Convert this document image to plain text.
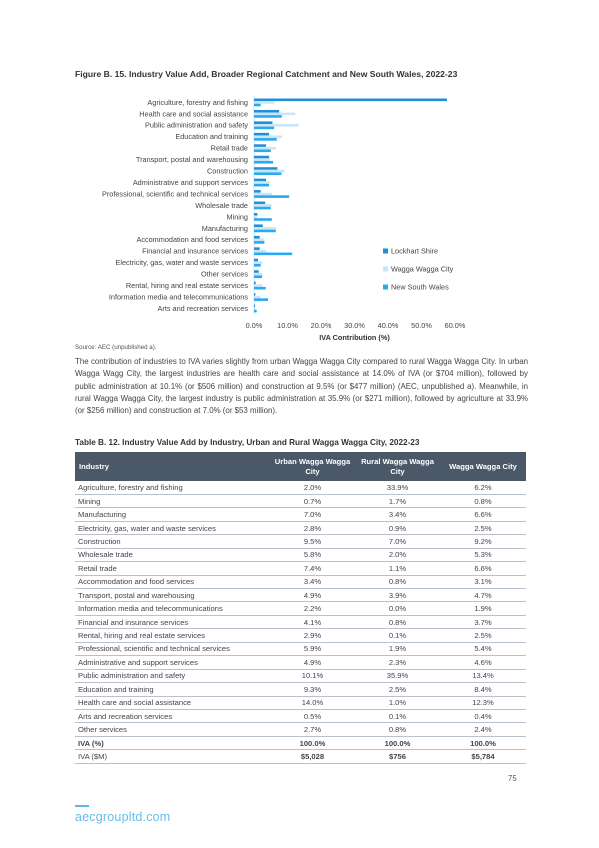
Figure B. 15. Industry Value Add, Broader Regional Catchment and New South Wales, 2022-23
Agriculture, forestry and fishing
Health care and social assistance
Public administration and safety
Education and training
Retail trade
Transport, postal and warehousing
Construction
Administrative and support services
Professional, scientific and technical services
Wholesale trade
Mining
Manufacturing
Accommodation and food services
Financial and insurance services
Electricity, gas, water and waste services
Other services
Rental, hiring and real estate services
Information media and telecommunications
Arts and recreation services
0.0% 10.0% 20.0% 30.0% 40.0% 50.0% 60.0%
IVA Contribution (%)
Lockhart Shire
Wagga Wagga City
New South Wales
Source: AEC (unpublished a).

The contribution of industries to IVA varies slightly from urban Wagga Wagga City compared to rural Wagga Wagga City. In urban Wagga Wagg City, the largest industries are health care and social assistance at 14.0% of IVA (or $704 million), followed by public administration at 10.1% (or $506 million) and construction at 9.5% (or $477 million) (AEC, unpublished a). Meanwhile, in rural Wagga Wagga City, the largest industry is public administration at 35.9% (or $271 million), followed by agriculture at 33.9% (or $256 million) and construction at 7.0% (or $53 million).

Table B. 12. Industry Value Add by Industry, Urban and Rural Wagga Wagga City, 2022-23
Industry	Urban Wagga Wagga City	Rural Wagga Wagga City	Wagga Wagga City
Agriculture, forestry and fishing	2.0%	33.9%	6.2%
Mining	0.7%	1.7%	0.8%
Manufacturing	7.0%	3.4%	6.6%
Electricity, gas, water and waste services	2.8%	0.9%	2.5%
Construction	9.5%	7.0%	9.2%
Wholesale trade	5.8%	2.0%	5.3%
Retail trade	7.4%	1.1%	6.6%
Accommodation and food services	3.4%	0.8%	3.1%
Transport, postal and warehousing	4.9%	3.9%	4.7%
Information media and telecommunications	2.2%	0.0%	1.9%
Financial and insurance services	4.1%	0.8%	3.7%
Rental, hiring and real estate services	2.9%	0.1%	2.5%
Professional, scientific and technical services	5.9%	1.9%	5.4%
Administrative and support services	4.9%	2.3%	4.6%
Public administration and safety	10.1%	35.9%	13.4%
Education and training	9.3%	2.5%	8.4%
Health care and social assistance	14.0%	1.0%	12.3%
Arts and recreation services	0.5%	0.1%	0.4%
Other services	2.7%	0.8%	2.4%
IVA (%)	100.0%	100.0%	100.0%
IVA ($M)	$5,028	$756	$5,784
75
aecgroupltd.com
